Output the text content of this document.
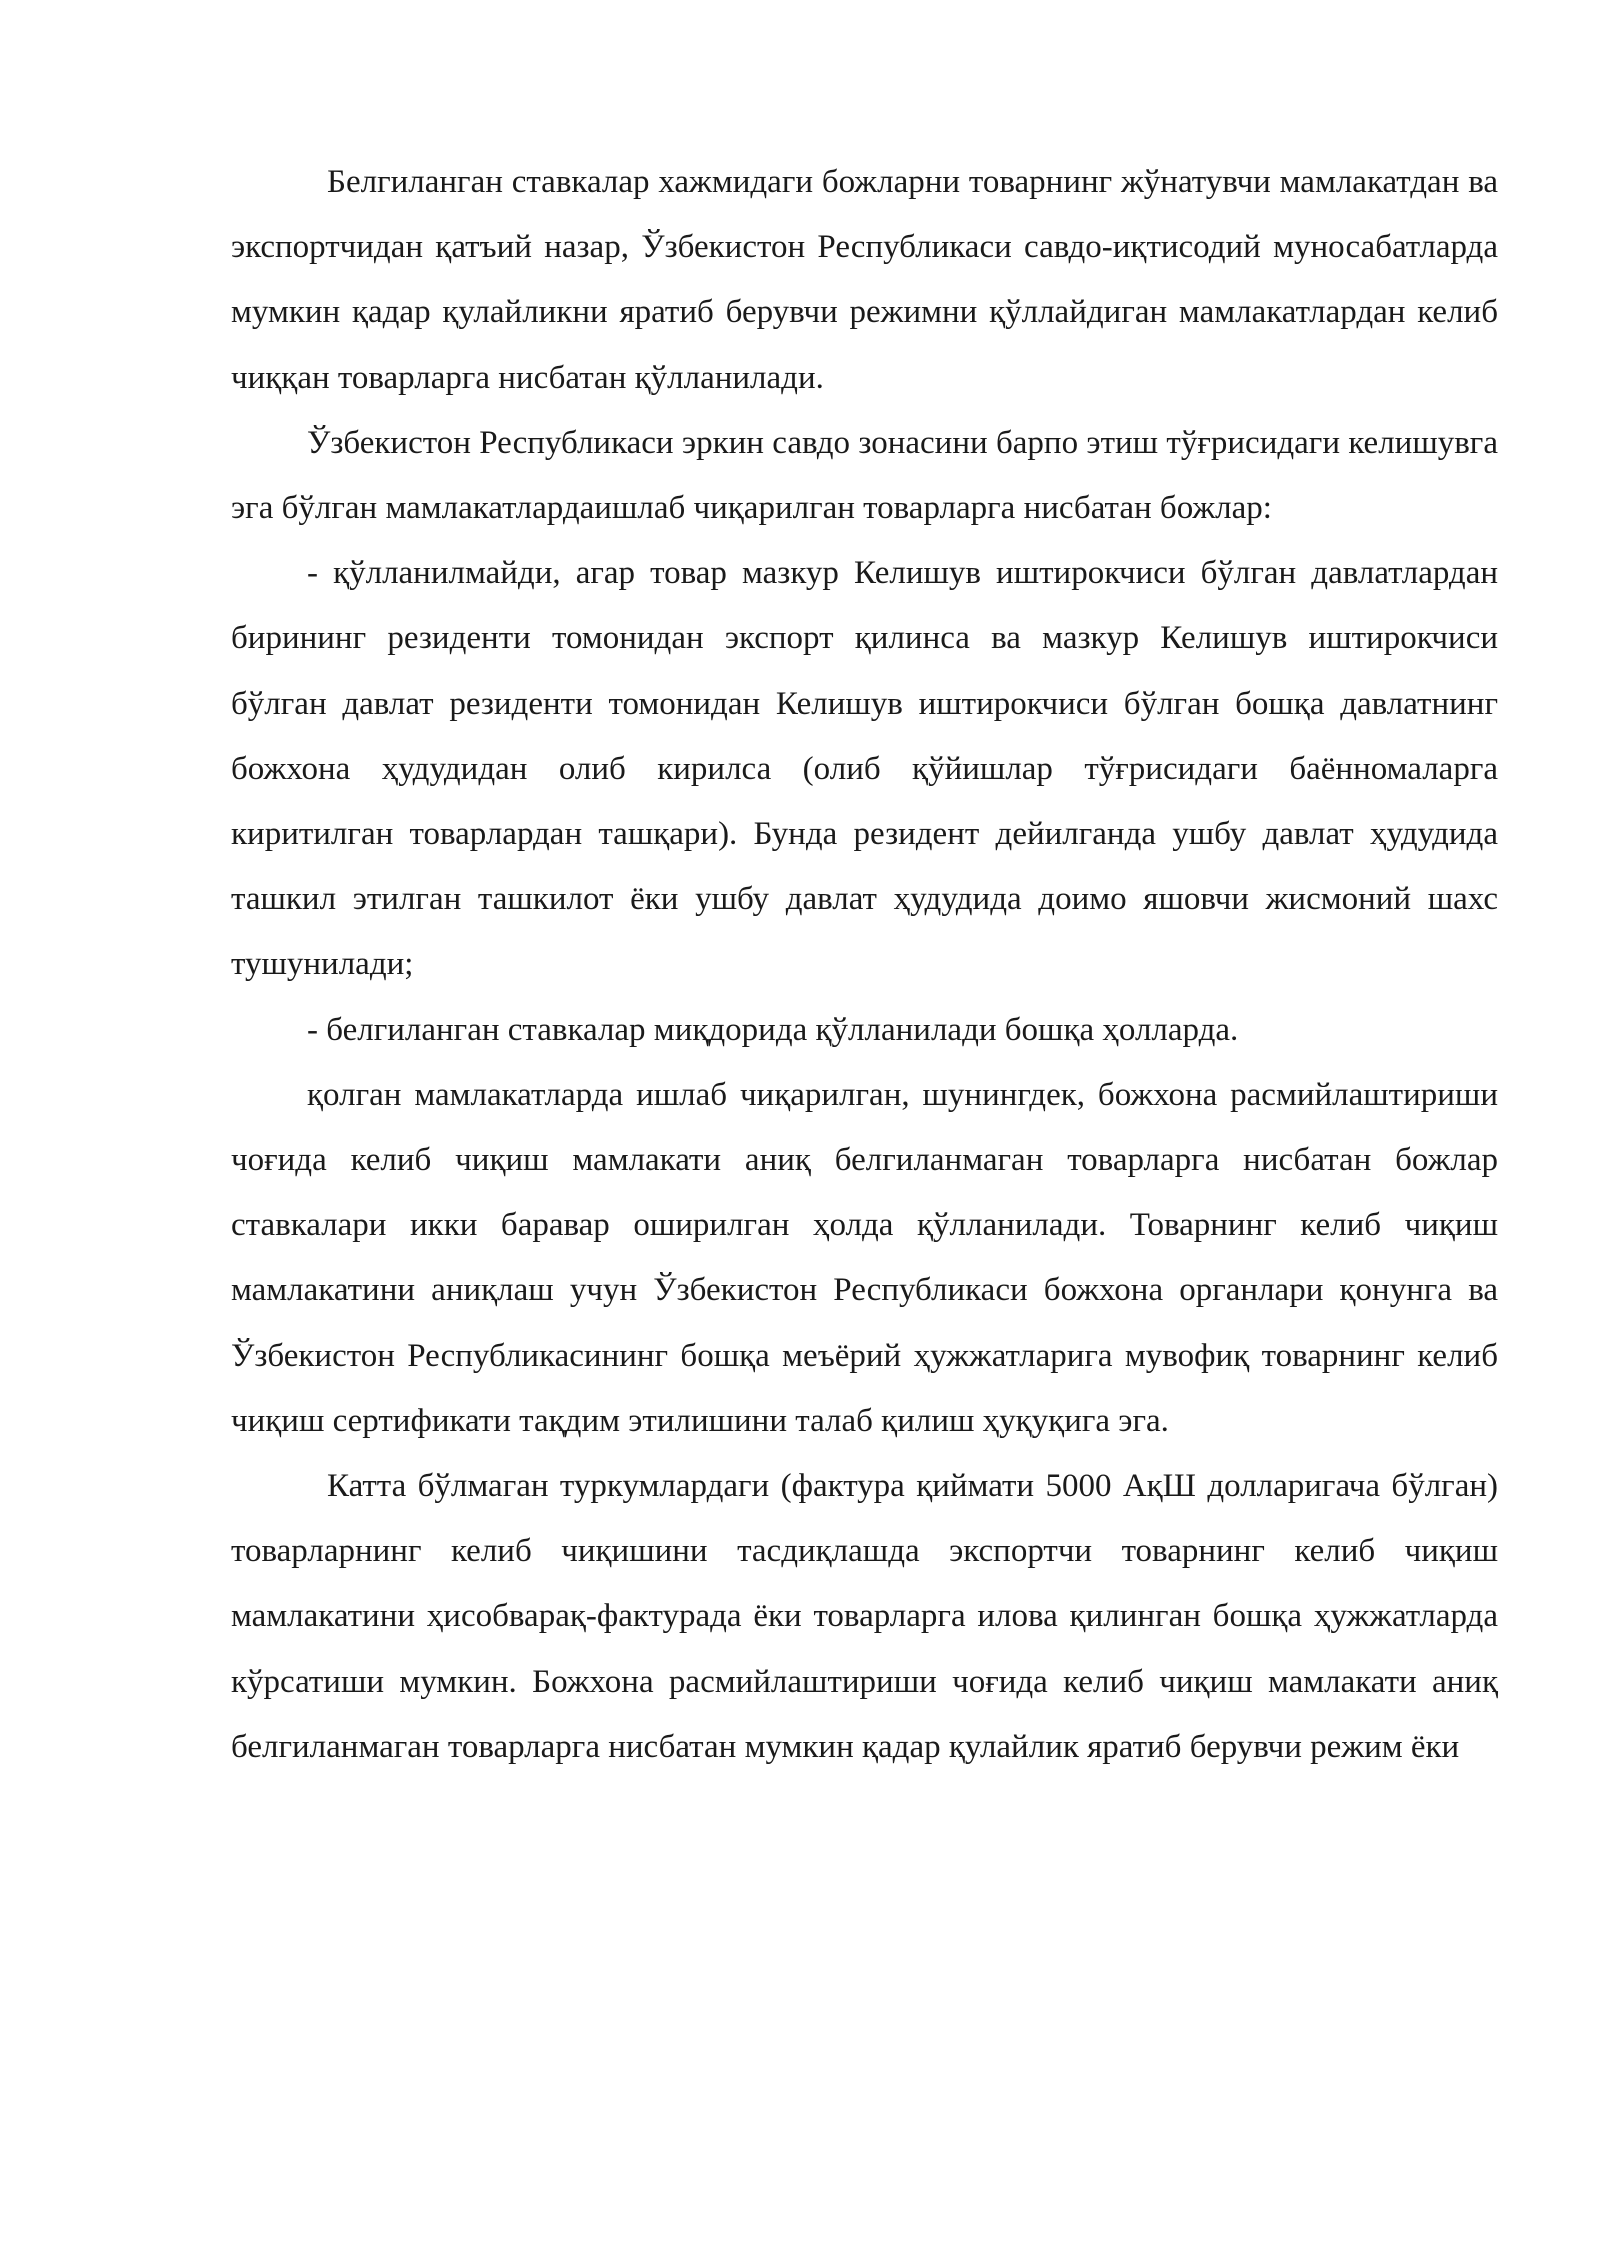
Белгиланган ставкалар хажмидаги божларни товарнинг жўнатувчи мамлакатдан ва экспортчидан қатъий назар, Ўзбекистон Республикаси савдо-иқтисодий муносабатларда мумкин қадар қулайликни яратиб берувчи режимни қўллайдиган мамлакатлардан келиб чиққан товарларга нисбатан қўлланилади.

Ўзбекистон Республикаси эркин савдо зонасини барпо этиш тўғрисидаги келишувга эга бўлган мамлакатлардаишлаб чиқарилган товарларга нисбатан божлар:

- қўлланилмайди, агар товар мазкур Келишув иштирокчиси бўлган давлатлардан бирининг резиденти томонидан экспорт қилинса ва мазкур Келишув иштирокчиси бўлган давлат резиденти томонидан Келишув иштирокчиси бўлган бошқа давлатнинг божхона ҳудудидан олиб кирилса (олиб қўйишлар тўғрисидаги баённомаларга киритилган товарлардан ташқари). Бунда резидент дейилганда ушбу давлат ҳудудида ташкил этилган ташкилот ёки ушбу давлат ҳудудида доимо яшовчи жисмоний шахс тушунилади;

- белгиланган ставкалар миқдорида қўлланилади бошқа ҳолларда.

қолган мамлакатларда ишлаб чиқарилган, шунингдек, божхона расмийлаштириши чоғида келиб чиқиш мамлакати аниқ белгиланмаган товарларга нисбатан божлар ставкалари икки баравар оширилган ҳолда қўлланилади. Товарнинг келиб чиқиш мамлакатини аниқлаш учун Ўзбекистон Республикаси божхона органлари қонунга ва Ўзбекистон Республикасининг бошқа меъёрий ҳужжатларига мувофиқ товарнинг келиб чиқиш сертификати тақдим этилишини талаб қилиш ҳуқуқига эга.

Катта бўлмаган туркумлардаги (фактура қиймати 5000 АқШ долларигача бўлган) товарларнинг келиб чиқишини тасдиқлашда экспортчи товарнинг келиб чиқиш мамлакатини ҳисобварақ-фактурада ёки товарларга илова қилинган бошқа ҳужжатларда кўрсатиши мумкин. Божхона расмийлаштириши чоғида келиб чиқиш мамлакати аниқ белгиланмаган товарларга нисбатан мумкин қадар қулайлик яратиб берувчи режим ёки
